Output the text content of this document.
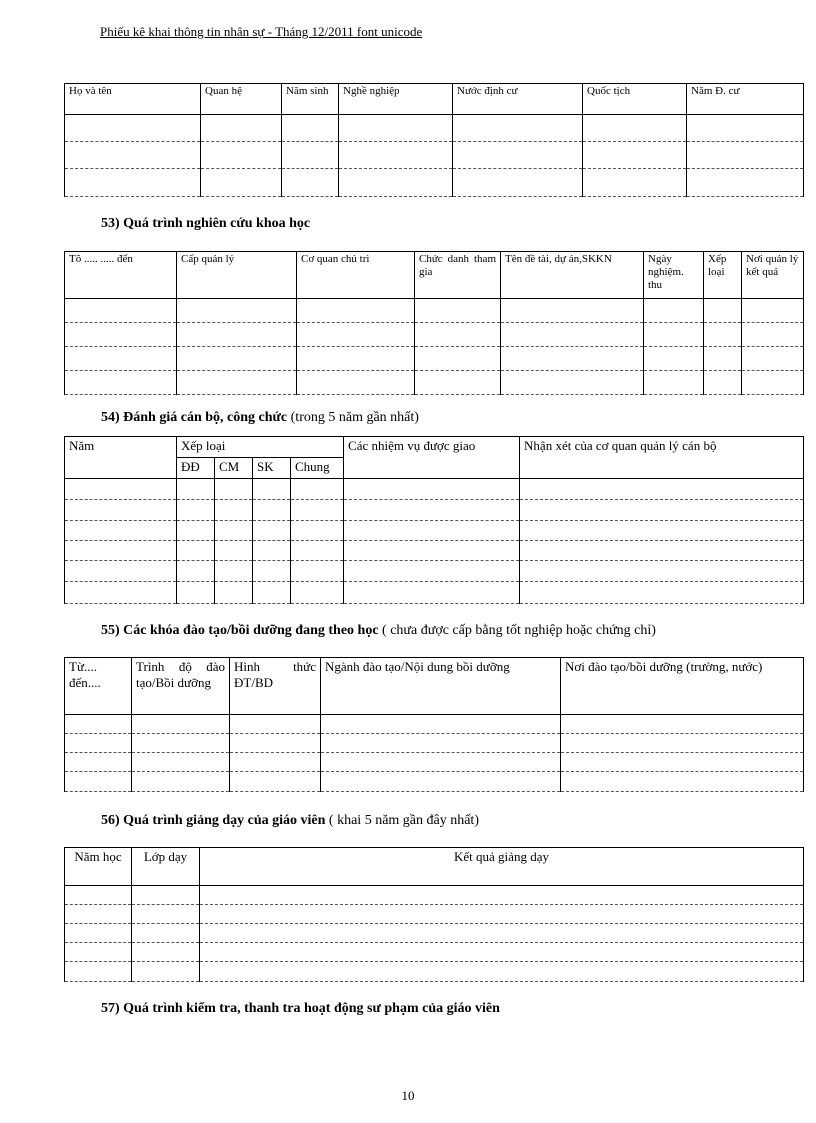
Phiếu kê khai thông tin nhân sự - Tháng 12/2011 font unicode
Họ và tên	Quan hệ	Năm sinh	Nghề nghiệp	Nước định cư	Quốc tịch	Năm Đ. cư

53) Quá trình nghiên cứu khoa học
Tõ ..... ..... đến	Cấp quản lý	Cơ quan chủ trì	Chức danh tham gia	Tên đề tài, dự án,SKKN	Ngày nghiệm. thu	Xếp loại	Nơi quản lý kết quả

54) Đánh giá cán bộ, công chức (trong 5 năm gần nhất)
Năm	Xếp loại				Các nhiệm vụ được giao	Nhận xét của cơ quan quản lý cán bộ
	ĐĐ	CM	SK	Chung		

55) Các khóa đào tạo/bồi dưỡng đang theo học ( chưa được cấp bằng tốt nghiệp hoặc chứng chỉ)
Từ.... đến....	Trình độ đào tạo/Bồi dưỡng	Hình thức ĐT/BD	Ngành đào tạo/Nội dung bồi dưỡng	Nơi đào tạo/bồi dưỡng (trường, nước)

56) Quá trình giảng dạy của giáo viên ( khai 5 năm gần đây nhất)
Năm học	Lớp dạy	Kết quả giảng dạy

57) Quá trình kiểm tra, thanh tra hoạt động sư phạm của giáo viên
10
